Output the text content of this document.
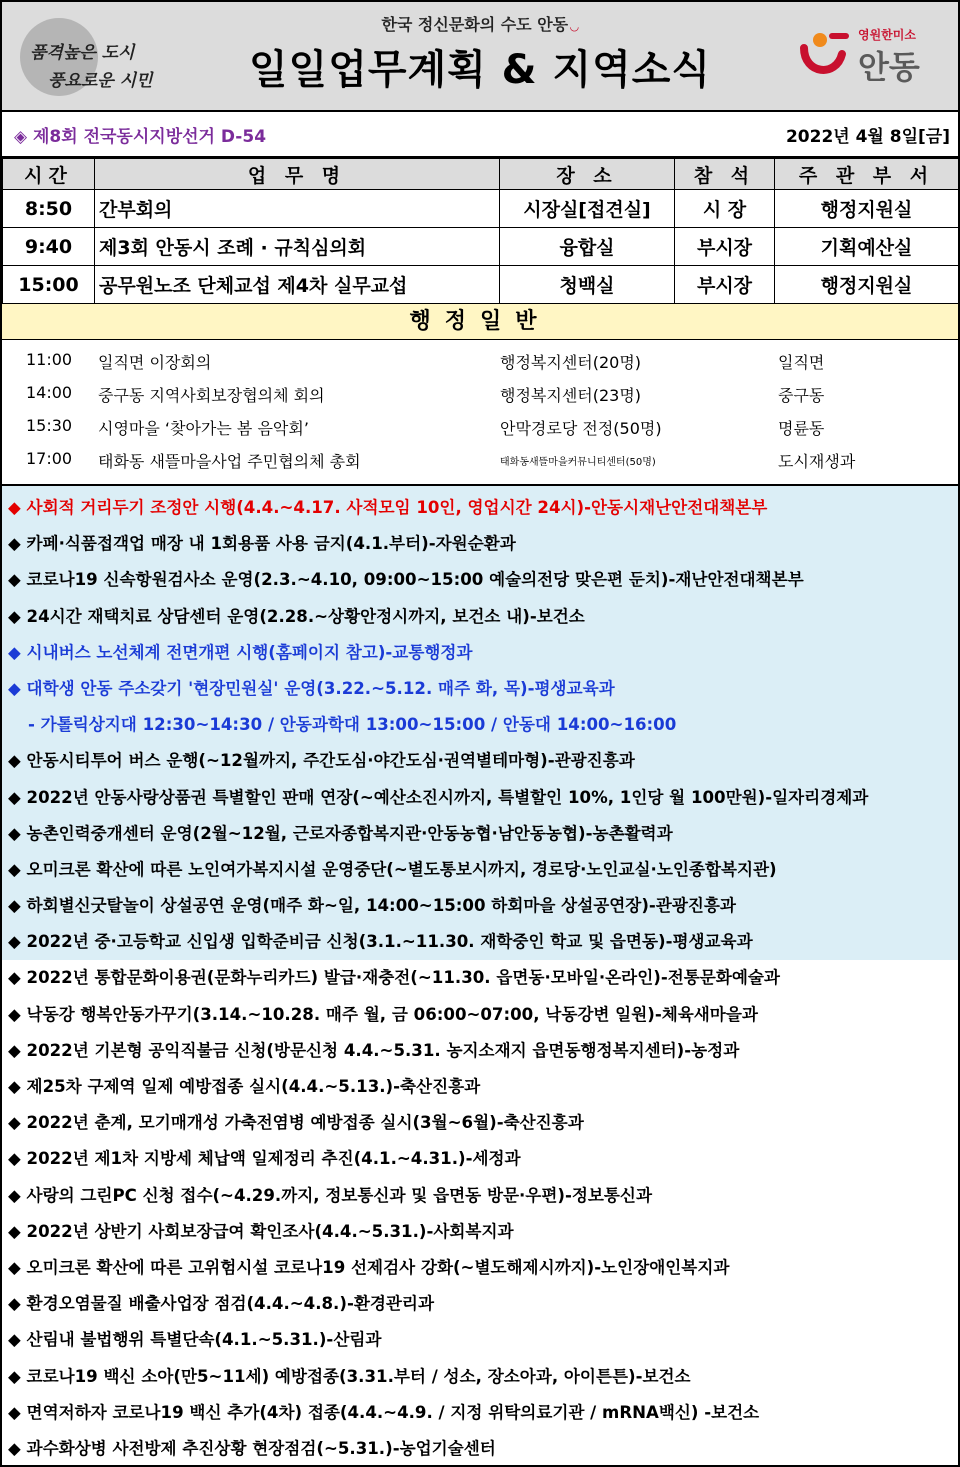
품격높은 도시
풍요로운 시민
한국 정신문화의 수도 안동 ◡
일일업무계획 & 지역소식
영원한미소
안동
◈ 제8회 전국동시지방선거 D-54	2022년 4월 8일[금]
시간	업 무 명	장 소	참 석	주 관 부 서
8:50	간부회의	시장실[접견실]	시 장	행정지원실
9:40	제3회 안동시 조례 · 규칙심의회	융합실	부시장	기획예산실
15:00	공무원노조 단체교섭 제4차 실무교섭	청백실	부시장	행정지원실
행정일반
11:00 일직면 이장회의	행정복지센터(20명)	일직면
14:00 중구동 지역사회보장협의체 회의	행정복지센터(23명)	중구동
15:30 시영마을 ‘찾아가는 봄 음악회’	안막경로당 전정(50명)	명륜동
17:00 태화동 새뜰마을사업 주민협의체 총회	태화동새뜰마을커뮤니티센터(50명)	도시재생과
◆ 사회적 거리두기 조정안 시행(4.4.~4.17. 사적모임 10인, 영업시간 24시)-안동시재난안전대책본부
◆ 카페·식품접객업 매장 내 1회용품 사용 금지(4.1.부터)-자원순환과
◆ 코로나19 신속항원검사소 운영(2.3.~4.10, 09:00~15:00 예술의전당 맞은편 둔치)-재난안전대책본부
◆ 24시간 재택치료 상담센터 운영(2.28.~상황안정시까지, 보건소 내)-보건소
◆ 시내버스 노선체계 전면개편 시행(홈페이지 참고)-교통행정과
◆ 대학생 안동 주소갖기 '현장민원실' 운영(3.22.~5.12. 매주 화, 목)-평생교육과
- 가톨릭상지대 12:30~14:30 / 안동과학대 13:00~15:00 / 안동대 14:00~16:00
◆ 안동시티투어 버스 운행(~12월까지, 주간도심·야간도심·권역별테마형)-관광진흥과
◆ 2022년 안동사랑상품권 특별할인 판매 연장(~예산소진시까지, 특별할인 10%, 1인당 월 100만원)-일자리경제과
◆ 농촌인력중개센터 운영(2월~12월, 근로자종합복지관·안동농협·남안동농협)-농촌활력과
◆ 오미크론 확산에 따른 노인여가복지시설 운영중단(~별도통보시까지, 경로당·노인교실·노인종합복지관)
◆ 하회별신굿탈놀이 상설공연 운영(매주 화~일, 14:00~15:00 하회마을 상설공연장)-관광진흥과
◆ 2022년 중·고등학교 신입생 입학준비금 신청(3.1.~11.30. 재학중인 학교 및 읍면동)-평생교육과
◆ 2022년 통합문화이용권(문화누리카드) 발급·재충전(~11.30. 읍면동·모바일·온라인)-전통문화예술과
◆ 낙동강 행복안동가꾸기(3.14.~10.28. 매주 월, 금 06:00~07:00, 낙동강변 일원)-체육새마을과
◆ 2022년 기본형 공익직불금 신청(방문신청 4.4.~5.31. 농지소재지 읍면동행정복지센터)-농정과
◆ 제25차 구제역 일제 예방접종 실시(4.4.~5.13.)-축산진흥과
◆ 2022년 춘계, 모기매개성 가축전염병 예방접종 실시(3월~6월)-축산진흥과
◆ 2022년 제1차 지방세 체납액 일제정리 추진(4.1.~4.31.)-세정과
◆ 사랑의 그린PC 신청 접수(~4.29.까지, 정보통신과 및 읍면동 방문·우편)-정보통신과
◆ 2022년 상반기 사회보장급여 확인조사(4.4.~5.31.)-사회복지과
◆ 오미크론 확산에 따른 고위험시설 코로나19 선제검사 강화(~별도해제시까지)-노인장애인복지과
◆ 환경오염물질 배출사업장 점검(4.4.~4.8.)-환경관리과
◆ 산림내 불법행위 특별단속(4.1.~5.31.)-산림과
◆ 코로나19 백신 소아(만5~11세) 예방접종(3.31.부터 / 성소, 장소아과, 아이튼튼)-보건소
◆ 면역저하자 코로나19 백신 추가(4차) 접종(4.4.~4.9. / 지정 위탁의료기관 / mRNA백신) -보건소
◆ 과수화상병 사전방제 추진상황 현장점검(~5.31.)-농업기술센터
